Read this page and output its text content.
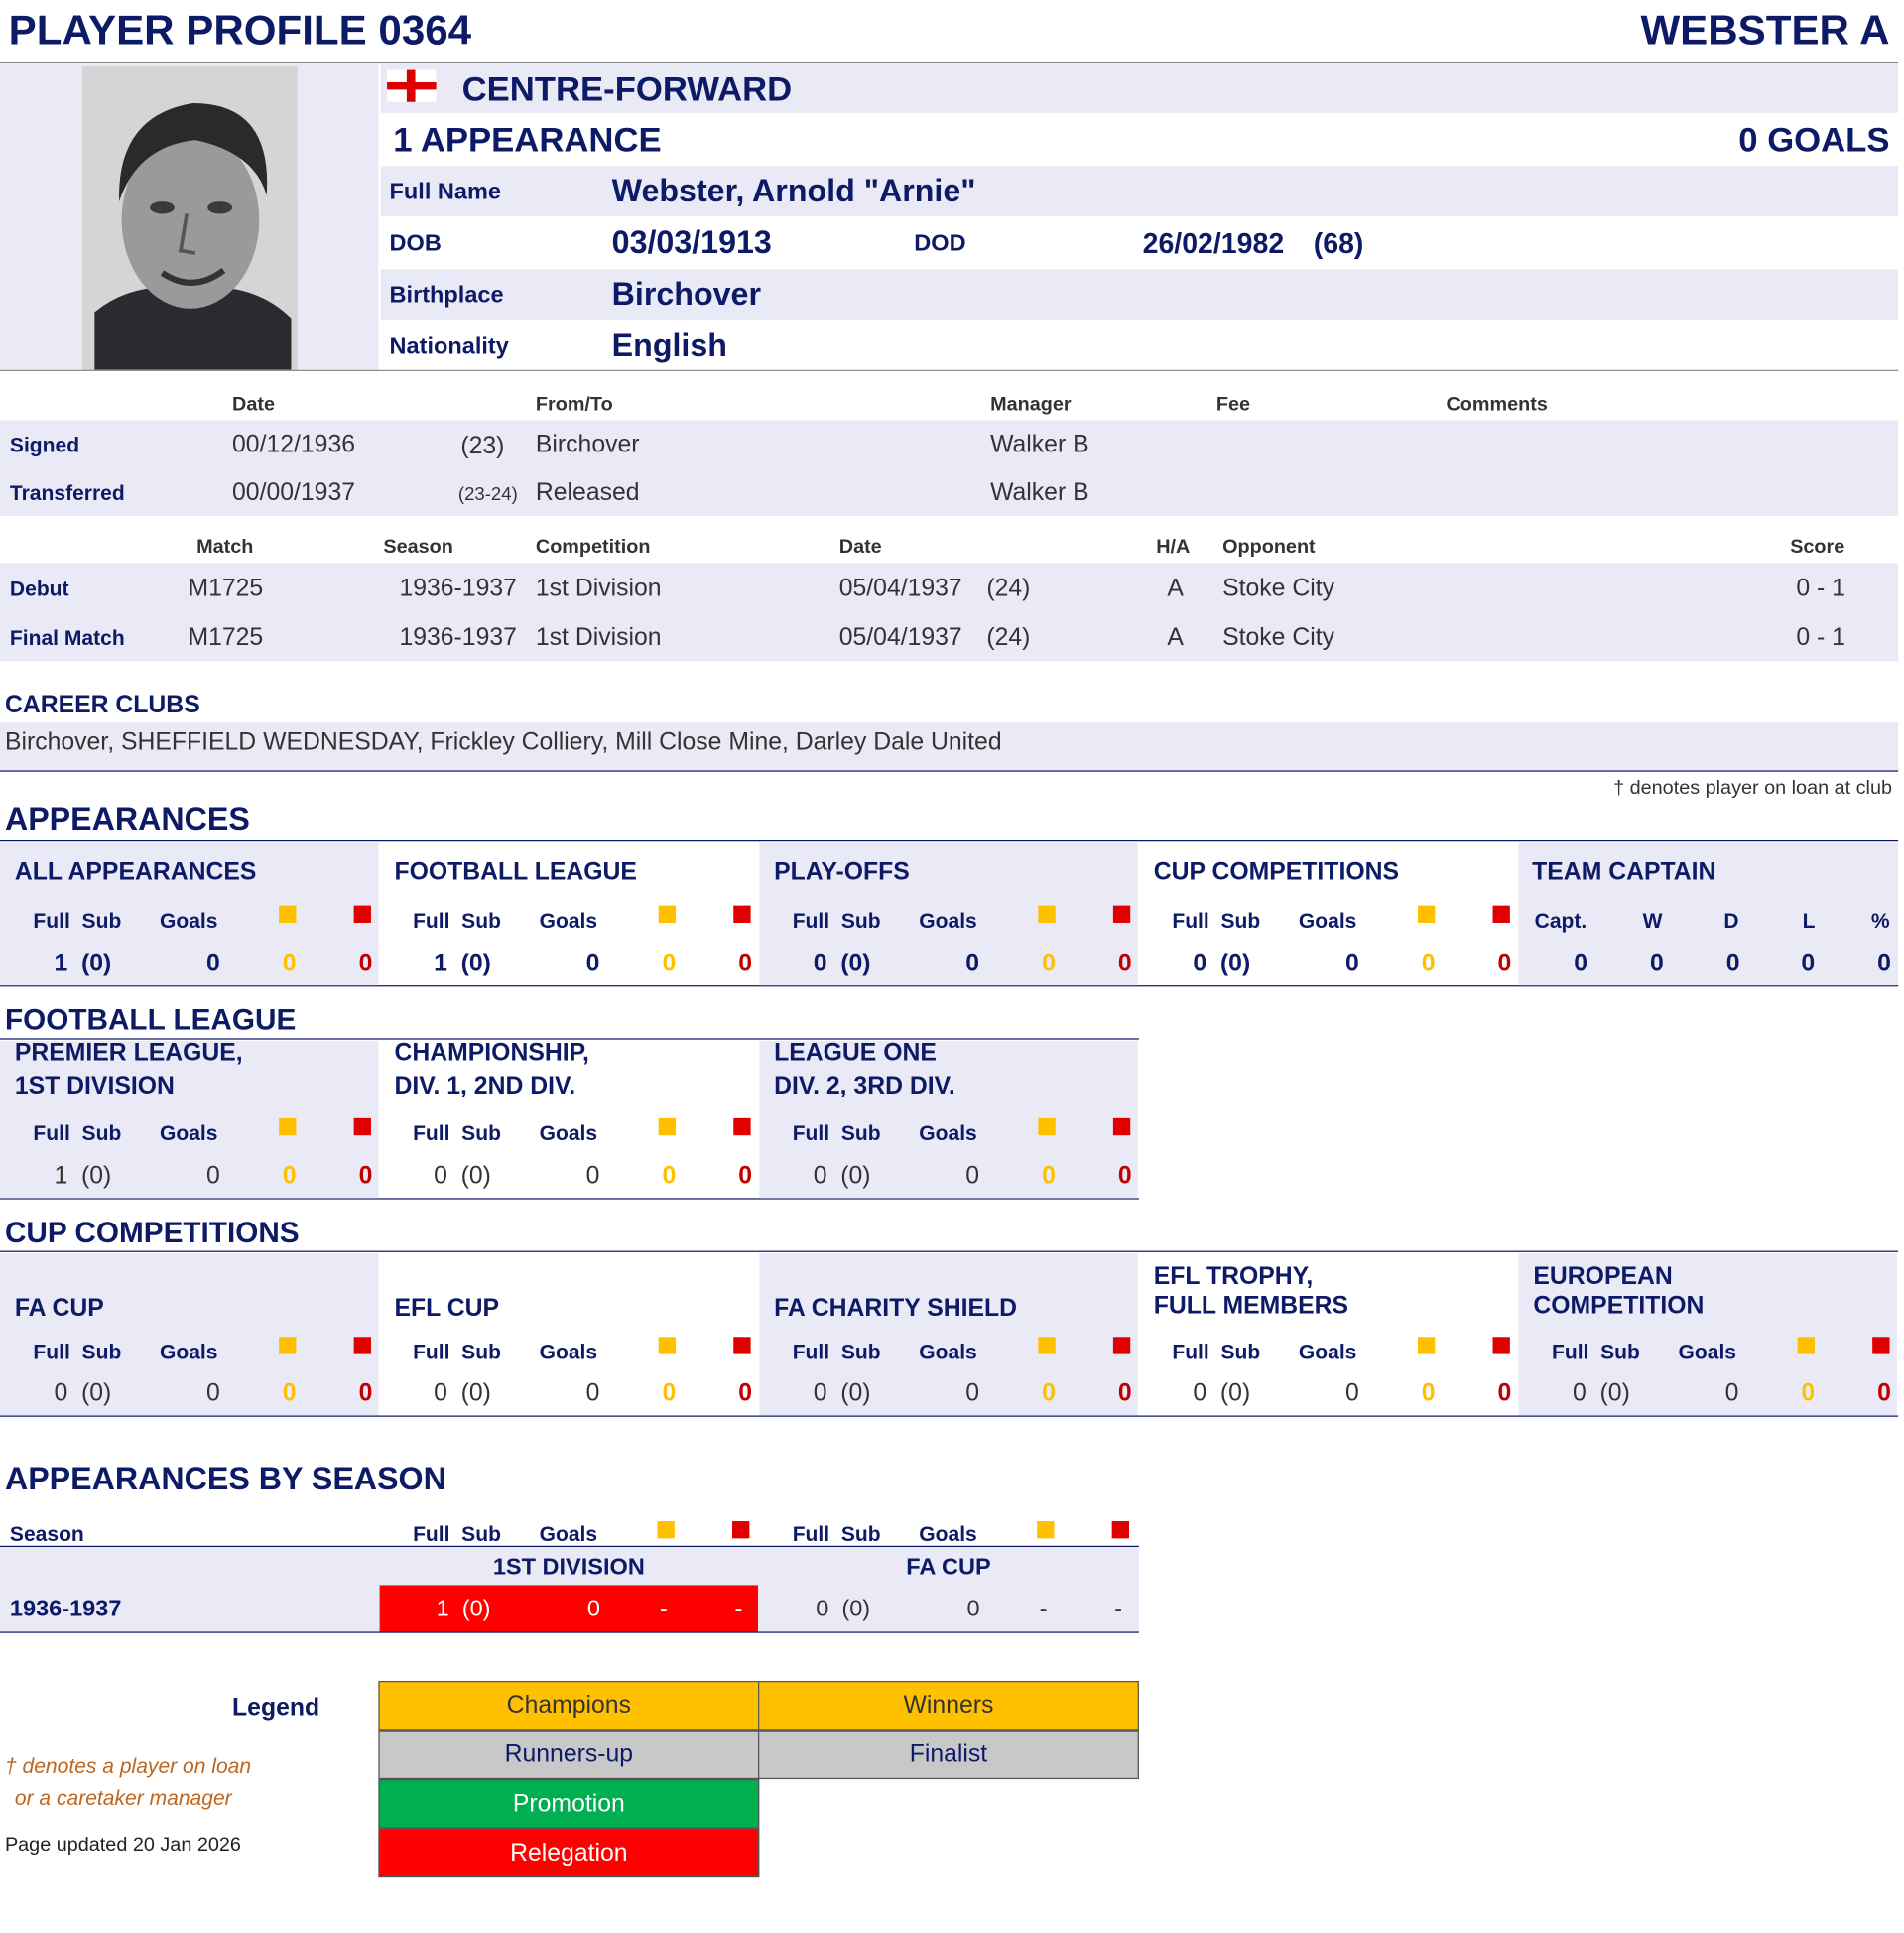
PLAYER PROFILE 0364	WEBSTER A
CENTRE-FORWARD
1 APPEARANCE	0 GOALS
Full Name	Webster, Arnold "Arnie"
DOB	03/03/1913	DOD	26/02/1982 (68)
Birthplace	Birchover
Nationality	English
Date	From/To	Manager	Fee	Comments
Signed	00/12/1936	(23) Birchover	Walker B
Transferred	00/00/1937	(23-24) Released	Walker B
Match	Season	Competition	Date	H/A Opponent	Score
Debut	M1725	1936-1937 1st Division	05/04/1937 (24)	A Stoke City	0 - 1
Final Match	M1725	1936-1937 1st Division	05/04/1937 (24)	A Stoke City	0 - 1
CAREER CLUBS
Birchover, SHEFFIELD WEDNESDAY, Frickley Colliery, Mill Close Mine, Darley Dale United
† denotes player on loan at club
APPEARANCES
ALL APPEARANCES
Full  Sub Goals
1  (0)	0	0	0
FOOTBALL LEAGUE
Full  Sub Goals
1  (0)	0	0	0
PLAY-OFFS
Full  Sub Goals
0  (0)	0	0	0
CUP COMPETITIONS
Full  Sub Goals
0  (0)	0	0	0
TEAM CAPTAIN
Capt.	W	D	L	%
0	0	0	0	0
FOOTBALL LEAGUE
PREMIER LEAGUE,
1ST DIVISION
Full  Sub Goals
1  (0)	0	0	0
CHAMPIONSHIP,
DIV. 1, 2ND DIV.
Full  Sub Goals
0  (0)	0	0	0
LEAGUE ONE
DIV. 2, 3RD DIV.
Full  Sub Goals
0  (0)	0	0	0
CUP COMPETITIONS
FA CUP
Full  Sub Goals
0  (0)	0	0	0
EFL CUP
Full  Sub Goals
0  (0)	0	0	0
FA CHARITY SHIELD
Full  Sub Goals
0  (0)	0	0	0
EFL TROPHY,
FULL MEMBERS
Full  Sub Goals
0  (0)	0	0	0
EUROPEAN
COMPETITION
Full  Sub Goals
0  (0)	0	0	0
APPEARANCES BY SEASON
Season	Full  Sub Goals	Full  Sub Goals
1ST DIVISION	FA CUP
1936-1937	1  (0)	0	-	-	0  (0)	0	-	-
Legend	Champions	Winners
Runners-up	Finalist
Promotion
Relegation
† denotes a player on loan
or a caretaker manager
Page updated 20 Jan 2026
